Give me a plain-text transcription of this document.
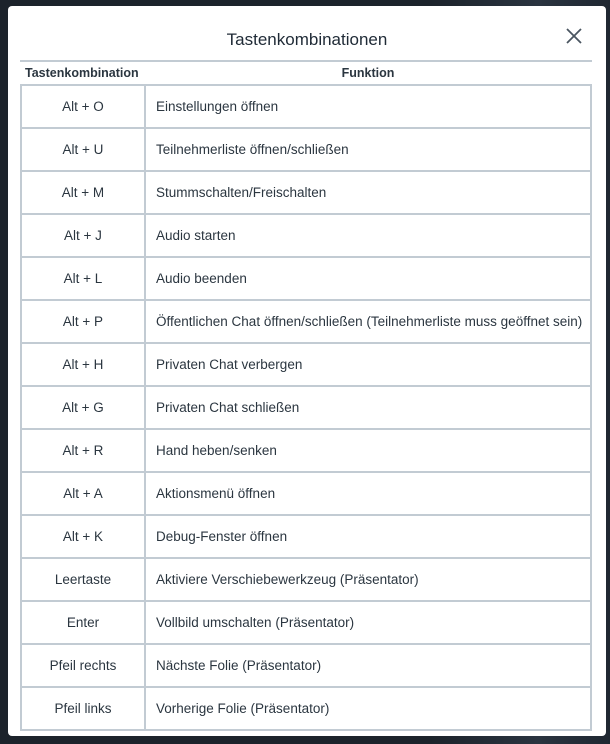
Tastenkombinationen
Tastenkombination	Funktion
Alt + O	Einstellungen öffnen
Alt + U	Teilnehmerliste öffnen/schließen
Alt + M	Stummschalten/Freischalten
Alt + J	Audio starten
Alt + L	Audio beenden
Alt + P	Öffentlichen Chat öffnen/schließen (Teilnehmerliste muss geöffnet sein)
Alt + H	Privaten Chat verbergen
Alt + G	Privaten Chat schließen
Alt + R	Hand heben/senken
Alt + A	Aktionsmenü öffnen
Alt + K	Debug-Fenster öffnen
Leertaste	Aktiviere Verschiebewerkzeug (Präsentator)
Enter	Vollbild umschalten (Präsentator)
Pfeil rechts	Nächste Folie (Präsentator)
Pfeil links	Vorherige Folie (Präsentator)
